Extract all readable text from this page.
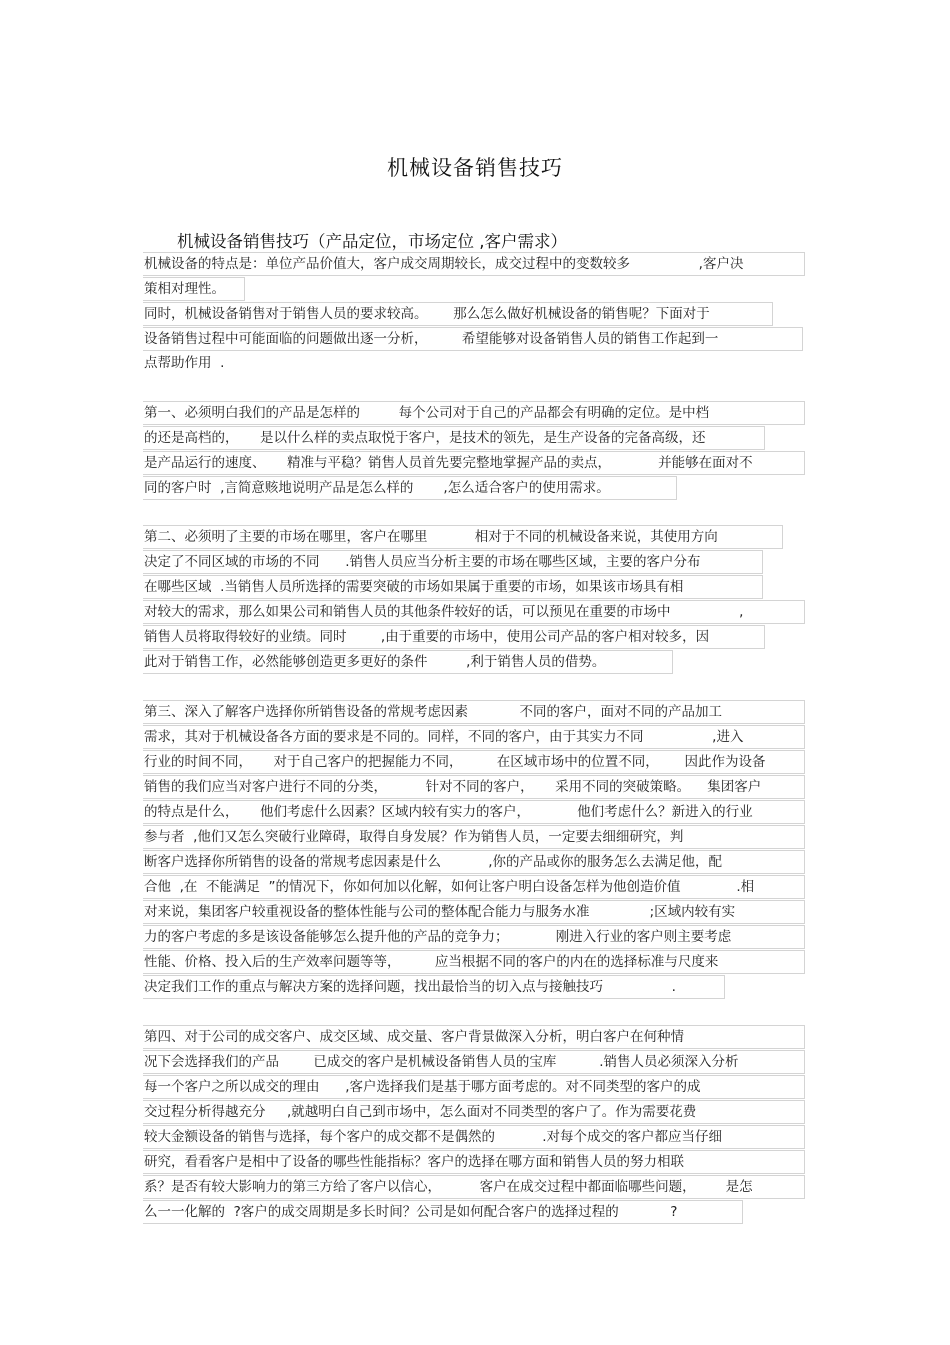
机械设备销售技巧
机械设备销售技巧（产品定位，市场定位 ,客户需求）
机械设备的特点是：单位产品价值大，客户成交周期较长，成交过程中的变数较多                ,客户决
策相对理性。
同时，机械设备销售对于销售人员的要求较高。      那么怎么做好机械设备的销售呢？下面对于
设备销售过程中可能面临的问题做出逐一分析，        希望能够对设备销售人员的销售工作起到一
点帮助作用  .
第一、必须明白我们的产品是怎样的         每个公司对于自己的产品都会有明确的定位。是中档
的还是高档的，     是以什么样的卖点取悦于客户，是技术的领先，是生产设备的完备高级，还
是产品运行的速度、     精准与平稳？销售人员首先要完整地掌握产品的卖点，           并能够在面对不
同的客户时  ,言简意赅地说明产品是怎么样的       ,怎么适合客户的使用需求。
第二、必须明了主要的市场在哪里，客户在哪里           相对于不同的机械设备来说，其使用方向
决定了不同区域的市场的不同      .销售人员应当分析主要的市场在哪些区域，主要的客户分布
在哪些区域  .当销售人员所选择的需要突破的市场如果属于重要的市场，如果该市场具有相
对较大的需求，那么如果公司和销售人员的其他条件较好的话，可以预见在重要的市场中                ,
销售人员将取得较好的业绩。同时        ,由于重要的市场中，使用公司产品的客户相对较多，因
此对于销售工作，必然能够创造更多更好的条件         ,利于销售人员的借势。
第三、深入了解客户选择你所销售设备的常规考虑因素            不同的客户，面对不同的产品加工
需求，其对于机械设备各方面的要求是不同的。同样，不同的客户，由于其实力不同                ,进入
行业的时间不同，     对于自己客户的把握能力不同，        在区域市场中的位置不同，      因此作为设备
销售的我们应当对客户进行不同的分类，         针对不同的客户，     采用不同的突破策略。    集团客户
的特点是什么，     他们考虑什么因素？区域内较有实力的客户，           他们考虑什么？新进入的行业
参与者  ,他们又怎么突破行业障碍，取得自身发展？作为销售人员，一定要去细细研究，判
断客户选择你所销售的设备的常规考虑因素是什么           ,你的产品或你的服务怎么去满足他，配
合他  ,在  不能满足  ”的情况下，你如何加以化解，如何让客户明白设备怎样为他创造价值             .相
对来说，集团客户较重视设备的整体性能与公司的整体配合能力与服务水准              ;区域内较有实
力的客户考虑的多是该设备能够怎么提升他的产品的竞争力；           刚进入行业的客户则主要考虑
性能、价格、投入后的生产效率问题等等，        应当根据不同的客户的内在的选择标准与尺度来
决定我们工作的重点与解决方案的选择问题，找出最恰当的切入点与接触技巧                .
第四、对于公司的成交客户、成交区域、成交量、客户背景做深入分析，明白客户在何种情
况下会选择我们的产品        已成交的客户是机械设备销售人员的宝库          .销售人员必须深入分析
每一个客户之所以成交的理由      ,客户选择我们是基于哪方面考虑的。对不同类型的客户的成
交过程分析得越充分     ,就越明白自己到市场中，怎么面对不同类型的客户了。作为需要花费
较大金额设备的销售与选择，每个客户的成交都不是偶然的           .对每个成交的客户都应当仔细
研究，看看客户是相中了设备的哪些性能指标？客户的选择在哪方面和销售人员的努力相联
系？是否有较大影响力的第三方给了客户以信心，         客户在成交过程中都面临哪些问题，       是怎
么一一化解的  ?客户的成交周期是多长时间？公司是如何配合客户的选择过程的            ?
